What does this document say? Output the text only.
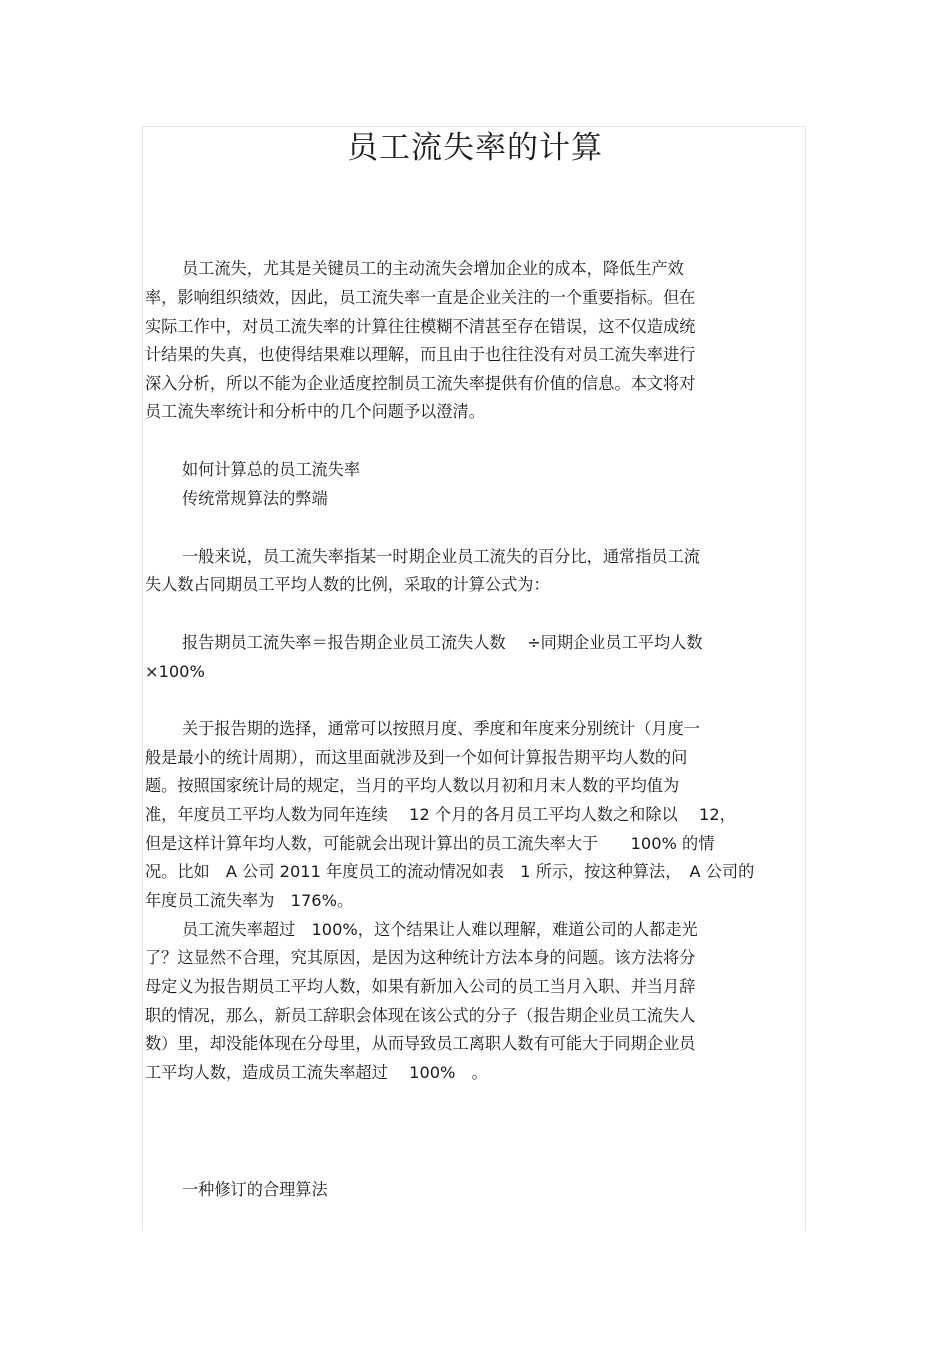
员工流失率的计算
员工流失，尤其是关键员工的主动流失会增加企业的成本，降低生产效
率，影响组织绩效，因此，员工流失率一直是企业关注的一个重要指标。但在
实际工作中，对员工流失率的计算往往模糊不清甚至存在错误，这不仅造成统
计结果的失真，也使得结果难以理解，而且由于也往往没有对员工流失率进行
深入分析，所以不能为企业适度控制员工流失率提供有价值的信息。本文将对
员工流失率统计和分析中的几个问题予以澄清。
如何计算总的员工流失率
传统常规算法的弊端
一般来说，员工流失率指某一时期企业员工流失的百分比，通常指员工流
失人数占同期员工平均人数的比例，采取的计算公式为：
报告期员工流失率＝报告期企业员工流失人数　 ÷同期企业员工平均人数
×100%
关于报告期的选择，通常可以按照月度、季度和年度来分别统计（月度一
般是最小的统计周期），而这里面就涉及到一个如何计算报告期平均人数的问
题。按照国家统计局的规定，当月的平均人数以月初和月末人数的平均值为
准，年度员工平均人数为同年连续　 12 个月的各月员工平均人数之和除以　 12，
但是这样计算年均人数，可能就会出现计算出的员工流失率大于　　100% 的情
况。比如　A 公司 2011 年度员工的流动情况如表　1 所示，按这种算法，　A 公司的
年度员工流失率为　176%。
员工流失率超过　100%，这个结果让人难以理解，难道公司的人都走光
了？这显然不合理，究其原因，是因为这种统计方法本身的问题。该方法将分
母定义为报告期员工平均人数，如果有新加入公司的员工当月入职、并当月辞
职的情况，那么，新员工辞职会体现在该公式的分子（报告期企业员工流失人
数）里，却没能体现在分母里，从而导致员工离职人数有可能大于同期企业员
工平均人数，造成员工流失率超过　 100%　。
一种修订的合理算法
